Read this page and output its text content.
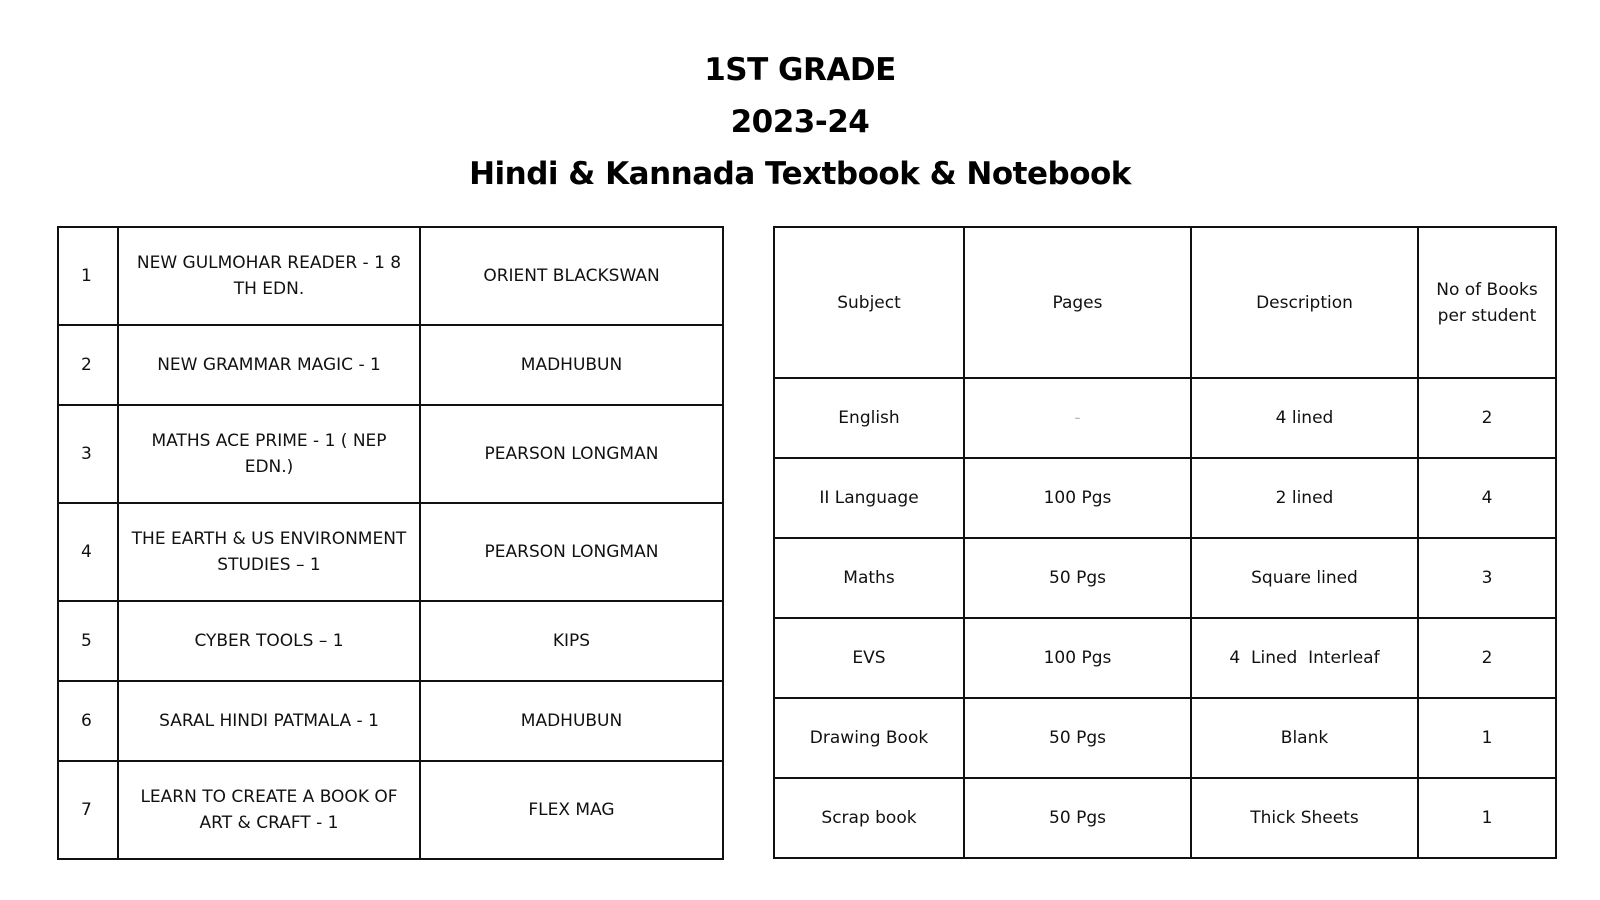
1ST GRADE
2023-24
Hindi & Kannada Textbook & Notebook
1	NEW GULMOHAR READER - 1 8 TH EDN.	ORIENT BLACKSWAN
2	NEW GRAMMAR MAGIC - 1	MADHUBUN
3	MATHS ACE PRIME - 1 ( NEP EDN.)	PEARSON LONGMAN
4	THE EARTH & US ENVIRONMENT STUDIES – 1	PEARSON LONGMAN
5	CYBER TOOLS – 1	KIPS
6	SARAL HINDI PATMALA - 1	MADHUBUN
7	LEARN TO CREATE A BOOK OF ART & CRAFT - 1	FLEX MAG
Subject	Pages	Description	No of Books per student
English	-	4 lined	2
II Language	100 Pgs	2 lined	4
Maths	50 Pgs	Square lined	3
EVS	100 Pgs	4  Lined  Interleaf	2
Drawing Book	50 Pgs	Blank	1
Scrap book	50 Pgs	Thick Sheets	1
